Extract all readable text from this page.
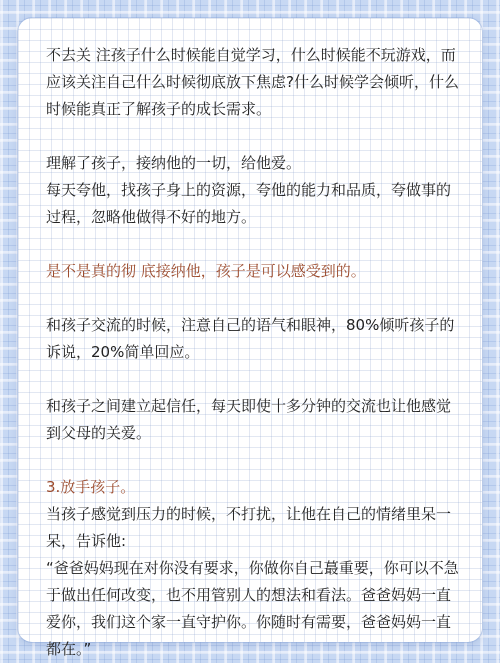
不去关 注孩子什么时候能自觉学习，什么时候能不玩游戏，而应该关注自己什么时候彻底放下焦虑?什么时候学会倾听，什么时候能真正了解孩子的成长需求。

理解了孩子，接纳他的一切，给他爱。

每天夸他，找孩子身上的资源，夸他的能力和品质，夸做事的过程，忽略他做得不好的地方。

是不是真的彻 底接纳他，孩子是可以感受到的。

和孩子交流的时候，注意自己的语气和眼神，80%倾听孩子的诉说，20%简单回应。

和孩子之间建立起信任，每天即使十多分钟的交流也让他感觉到父母的关爱。

3.放手孩子。

当孩子感觉到压力的时候，不打扰，让他在自己的情绪里呆一呆，告诉他:

“爸爸妈妈现在对你没有要求，你做你自己蕞重要，你可以不急于做出任何改变，也不用管别人的想法和看法。爸爸妈妈一直爱你，我们这个家一直守护你。你随时有需要，爸爸妈妈一直都在。”
